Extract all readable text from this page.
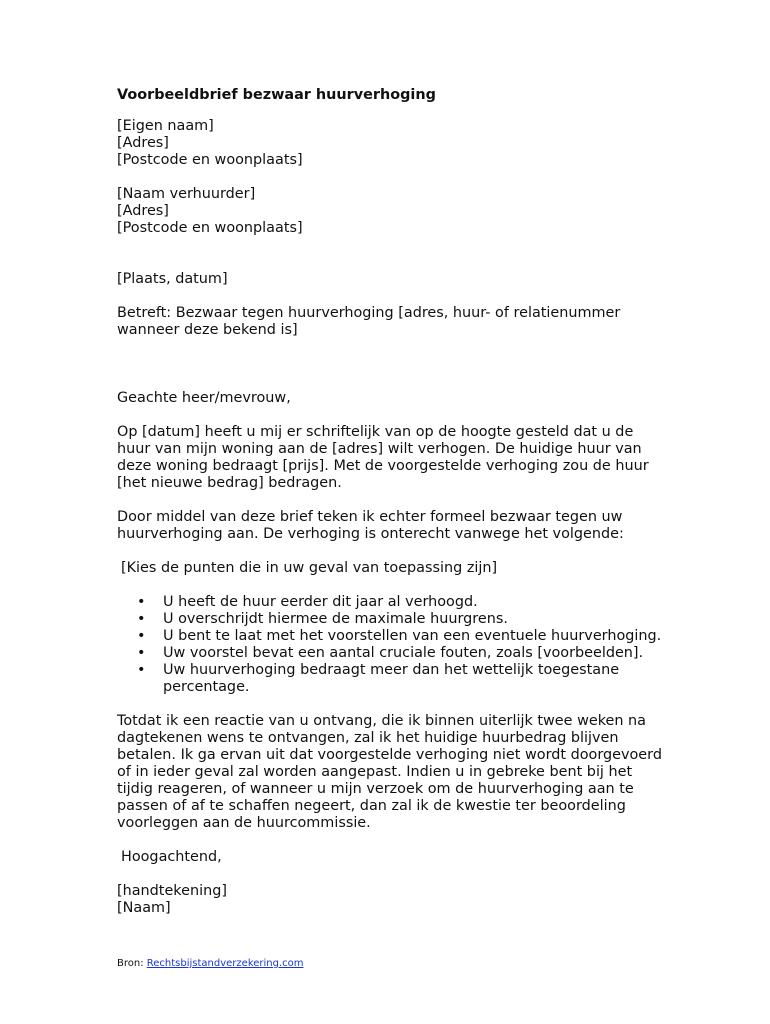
Voorbeeldbrief bezwaar huurverhoging
[Eigen naam]
[Adres]
[Postcode en woonplaats]
[Naam verhuurder]
[Adres]
[Postcode en woonplaats]
[Plaats, datum]
Betreft: Bezwaar tegen huurverhoging [adres, huur- of relatienummer
wanneer deze bekend is]
Geachte heer/mevrouw,
Op [datum] heeft u mij er schriftelijk van op de hoogte gesteld dat u de
huur van mijn woning aan de [adres] wilt verhogen. De huidige huur van
deze woning bedraagt [prijs]. Met de voorgestelde verhoging zou de huur
[het nieuwe bedrag] bedragen.
Door middel van deze brief teken ik echter formeel bezwaar tegen uw
huurverhoging aan. De verhoging is onterecht vanwege het volgende:
[Kies de punten die in uw geval van toepassing zijn]
• U heeft de huur eerder dit jaar al verhoogd.
• U overschrijdt hiermee de maximale huurgrens.
• U bent te laat met het voorstellen van een eventuele huurverhoging.
• Uw voorstel bevat een aantal cruciale fouten, zoals [voorbeelden].
• Uw huurverhoging bedraagt meer dan het wettelijk toegestane
percentage.
Totdat ik een reactie van u ontvang, die ik binnen uiterlijk twee weken na
dagtekenen wens te ontvangen, zal ik het huidige huurbedrag blijven
betalen. Ik ga ervan uit dat voorgestelde verhoging niet wordt doorgevoerd
of in ieder geval zal worden aangepast. Indien u in gebreke bent bij het
tijdig reageren, of wanneer u mijn verzoek om de huurverhoging aan te
passen of af te schaffen negeert, dan zal ik de kwestie ter beoordeling
voorleggen aan de huurcommissie.
Hoogachtend,
[handtekening]
[Naam]
Bron: Rechtsbijstandverzekering.com
